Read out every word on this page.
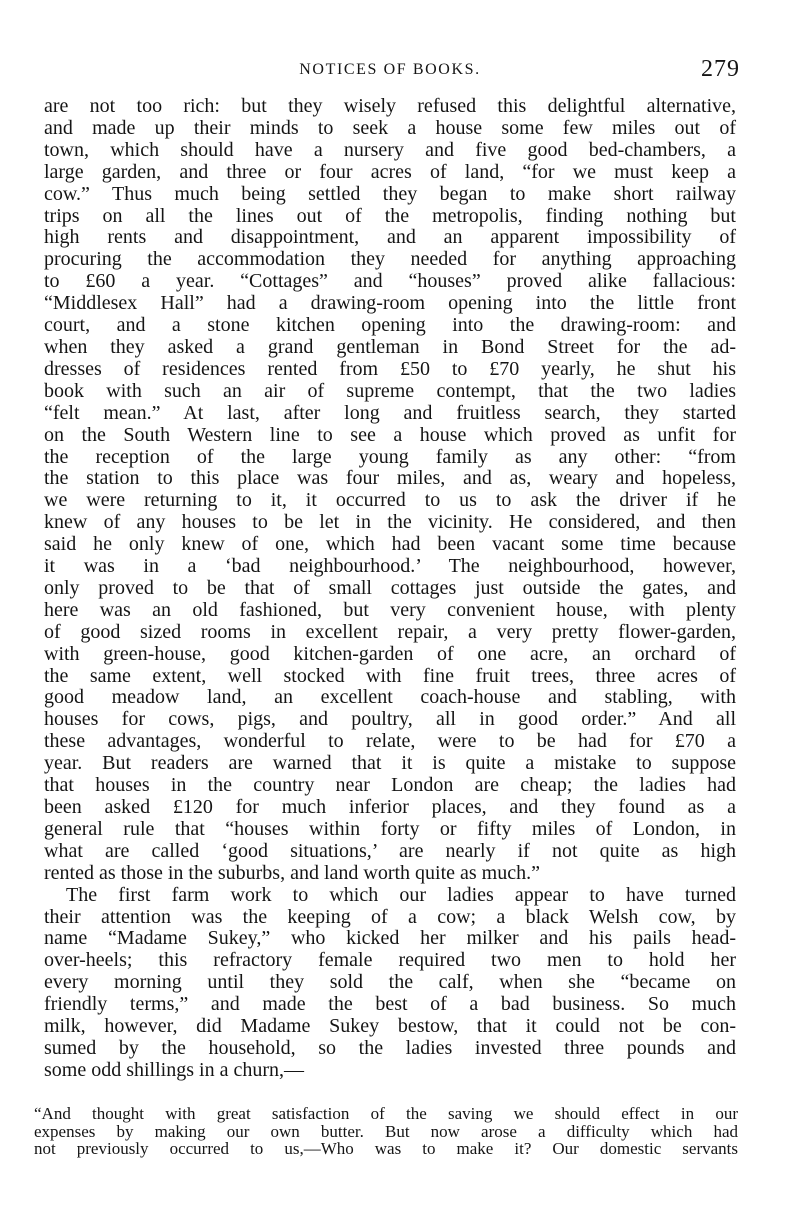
NOTICES OF BOOKS.	279
are not too rich: but they wisely refused this delightful alternative,
and made up their minds to seek a house some few miles out of
town, which should have a nursery and five good bed-chambers, a
large garden, and three or four acres of land, “for we must keep a
cow.” Thus much being settled they began to make short railway
trips on all the lines out of the metropolis, finding nothing but
high rents and disappointment, and an apparent impossibility of
procuring the accommodation they needed for anything approaching
to £60 a year. “Cottages” and “houses” proved alike fallacious:
“Middlesex Hall” had a drawing-room opening into the little front
court, and a stone kitchen opening into the drawing-room: and
when they asked a grand gentleman in Bond Street for the ad-
dresses of residences rented from £50 to £70 yearly, he shut his
book with such an air of supreme contempt, that the two ladies
“felt mean.” At last, after long and fruitless search, they started
on the South Western line to see a house which proved as unfit for
the reception of the large young family as any other: “from
the station to this place was four miles, and as, weary and hopeless,
we were returning to it, it occurred to us to ask the driver if he
knew of any houses to be let in the vicinity. He considered, and then
said he only knew of one, which had been vacant some time because
it was in a ‘bad neighbourhood.’ The neighbourhood, however,
only proved to be that of small cottages just outside the gates, and
here was an old fashioned, but very convenient house, with plenty
of good sized rooms in excellent repair, a very pretty flower-garden,
with green-house, good kitchen-garden of one acre, an orchard of
the same extent, well stocked with fine fruit trees, three acres of
good meadow land, an excellent coach-house and stabling, with
houses for cows, pigs, and poultry, all in good order.” And all
these advantages, wonderful to relate, were to be had for £70 a
year. But readers are warned that it is quite a mistake to suppose
that houses in the country near London are cheap; the ladies had
been asked £120 for much inferior places, and they found as a
general rule that “houses within forty or fifty miles of London, in
what are called ‘good situations,’ are nearly if not quite as high
rented as those in the suburbs, and land worth quite as much.”
The first farm work to which our ladies appear to have turned
their attention was the keeping of a cow; a black Welsh cow, by
name “Madame Sukey,” who kicked her milker and his pails head-
over-heels; this refractory female required two men to hold her
every morning until they sold the calf, when she “became on
friendly terms,” and made the best of a bad business. So much
milk, however, did Madame Sukey bestow, that it could not be con-
sumed by the household, so the ladies invested three pounds and
some odd shillings in a churn,—
“And thought with great satisfaction of the saving we should effect in our
expenses by making our own butter. But now arose a difficulty which had
not previously occurred to us,—Who was to make it? Our domestic servants
